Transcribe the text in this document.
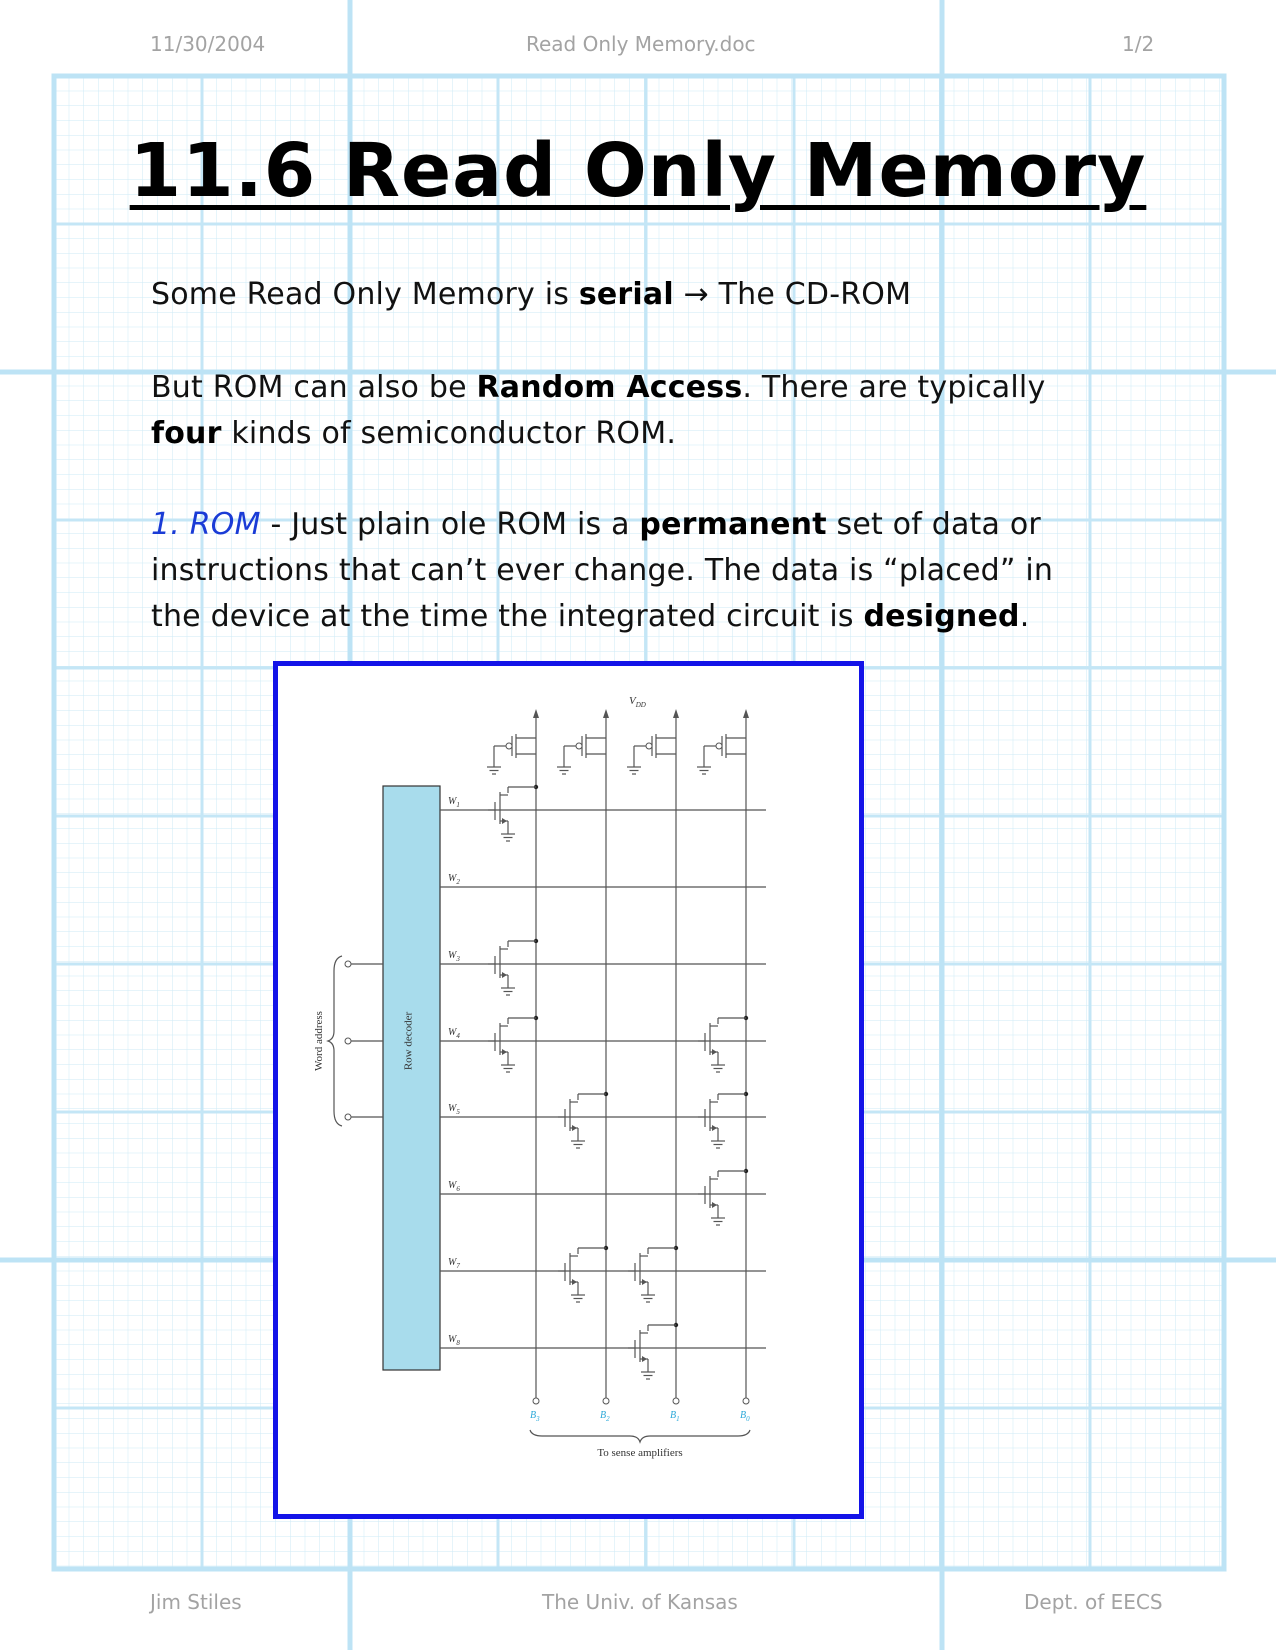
11/30/2004	Read Only Memory.doc	1/2
11.6 Read Only Memory
Some Read Only Memory is serial → The CD-ROM
But ROM can also be Random Access. There are typically
four kinds of semiconductor ROM.
1. ROM - Just plain ole ROM is a permanent set of data or
instructions that can’t ever change. The data is “placed” in
the device at the time the integrated circuit is designed.
Row decoder
Word address
$W_1$
$W_2$
$W_3$
$W_4$
$W_5$
$W_6$
$W_7$
$W_8$
$B_3$	$B_2$	$B_1$	$B_0$
$V_{DD}$
To sense amplifiers
Jim Stiles	The Univ. of Kansas	Dept. of EECS
